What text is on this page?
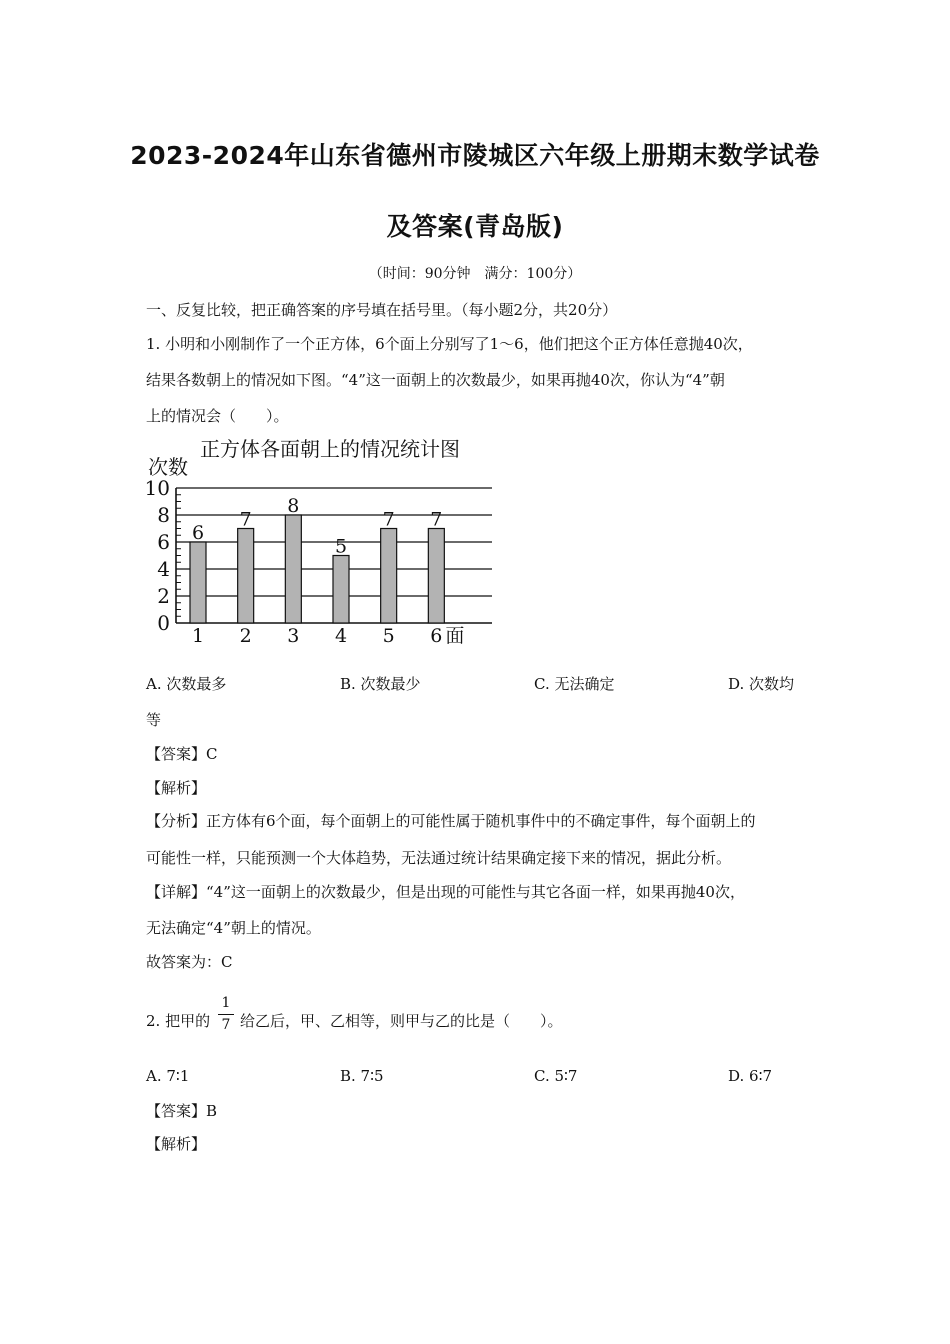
2023-2024年山东省德州市陵城区六年级上册期末数学试卷
及答案(青岛版)
（时间：90分钟　满分：100分）
一、反复比较，把正确答案的序号填在括号里。（每小题2分，共20分）
1. 小明和小刚制作了一个正方体，6个面上分别写了1～6，他们把这个正方体任意抛40次，
结果各数朝上的情况如下图。“4”这一面朝上的次数最少，如果再抛40次，你认为“4”朝
上的情况会（　　）。
正方体各面朝上的情况统计图
次数
0
2
4
6
8
10
6
1
7
2
8
3
5
4
7
5
7
6 面
A. 次数最多	B. 次数最少	C. 无法确定	D. 次数均
等
【答案】C
【解析】
【分析】正方体有6个面，每个面朝上的可能性属于随机事件中的不确定事件，每个面朝上的
可能性一样，只能预测一个大体趋势，无法通过统计结果确定接下来的情况，据此分析。
【详解】“4”这一面朝上的次数最少，但是出现的可能性与其它各面一样，如果再抛40次，
无法确定“4”朝上的情况。
故答案为：C
2. 把甲的
1
7 给乙后，甲、乙相等，则甲与乙的比是（　　）。
A. 7∶1	B. 7∶5	C. 5∶7	D. 6∶7
【答案】B
【解析】
